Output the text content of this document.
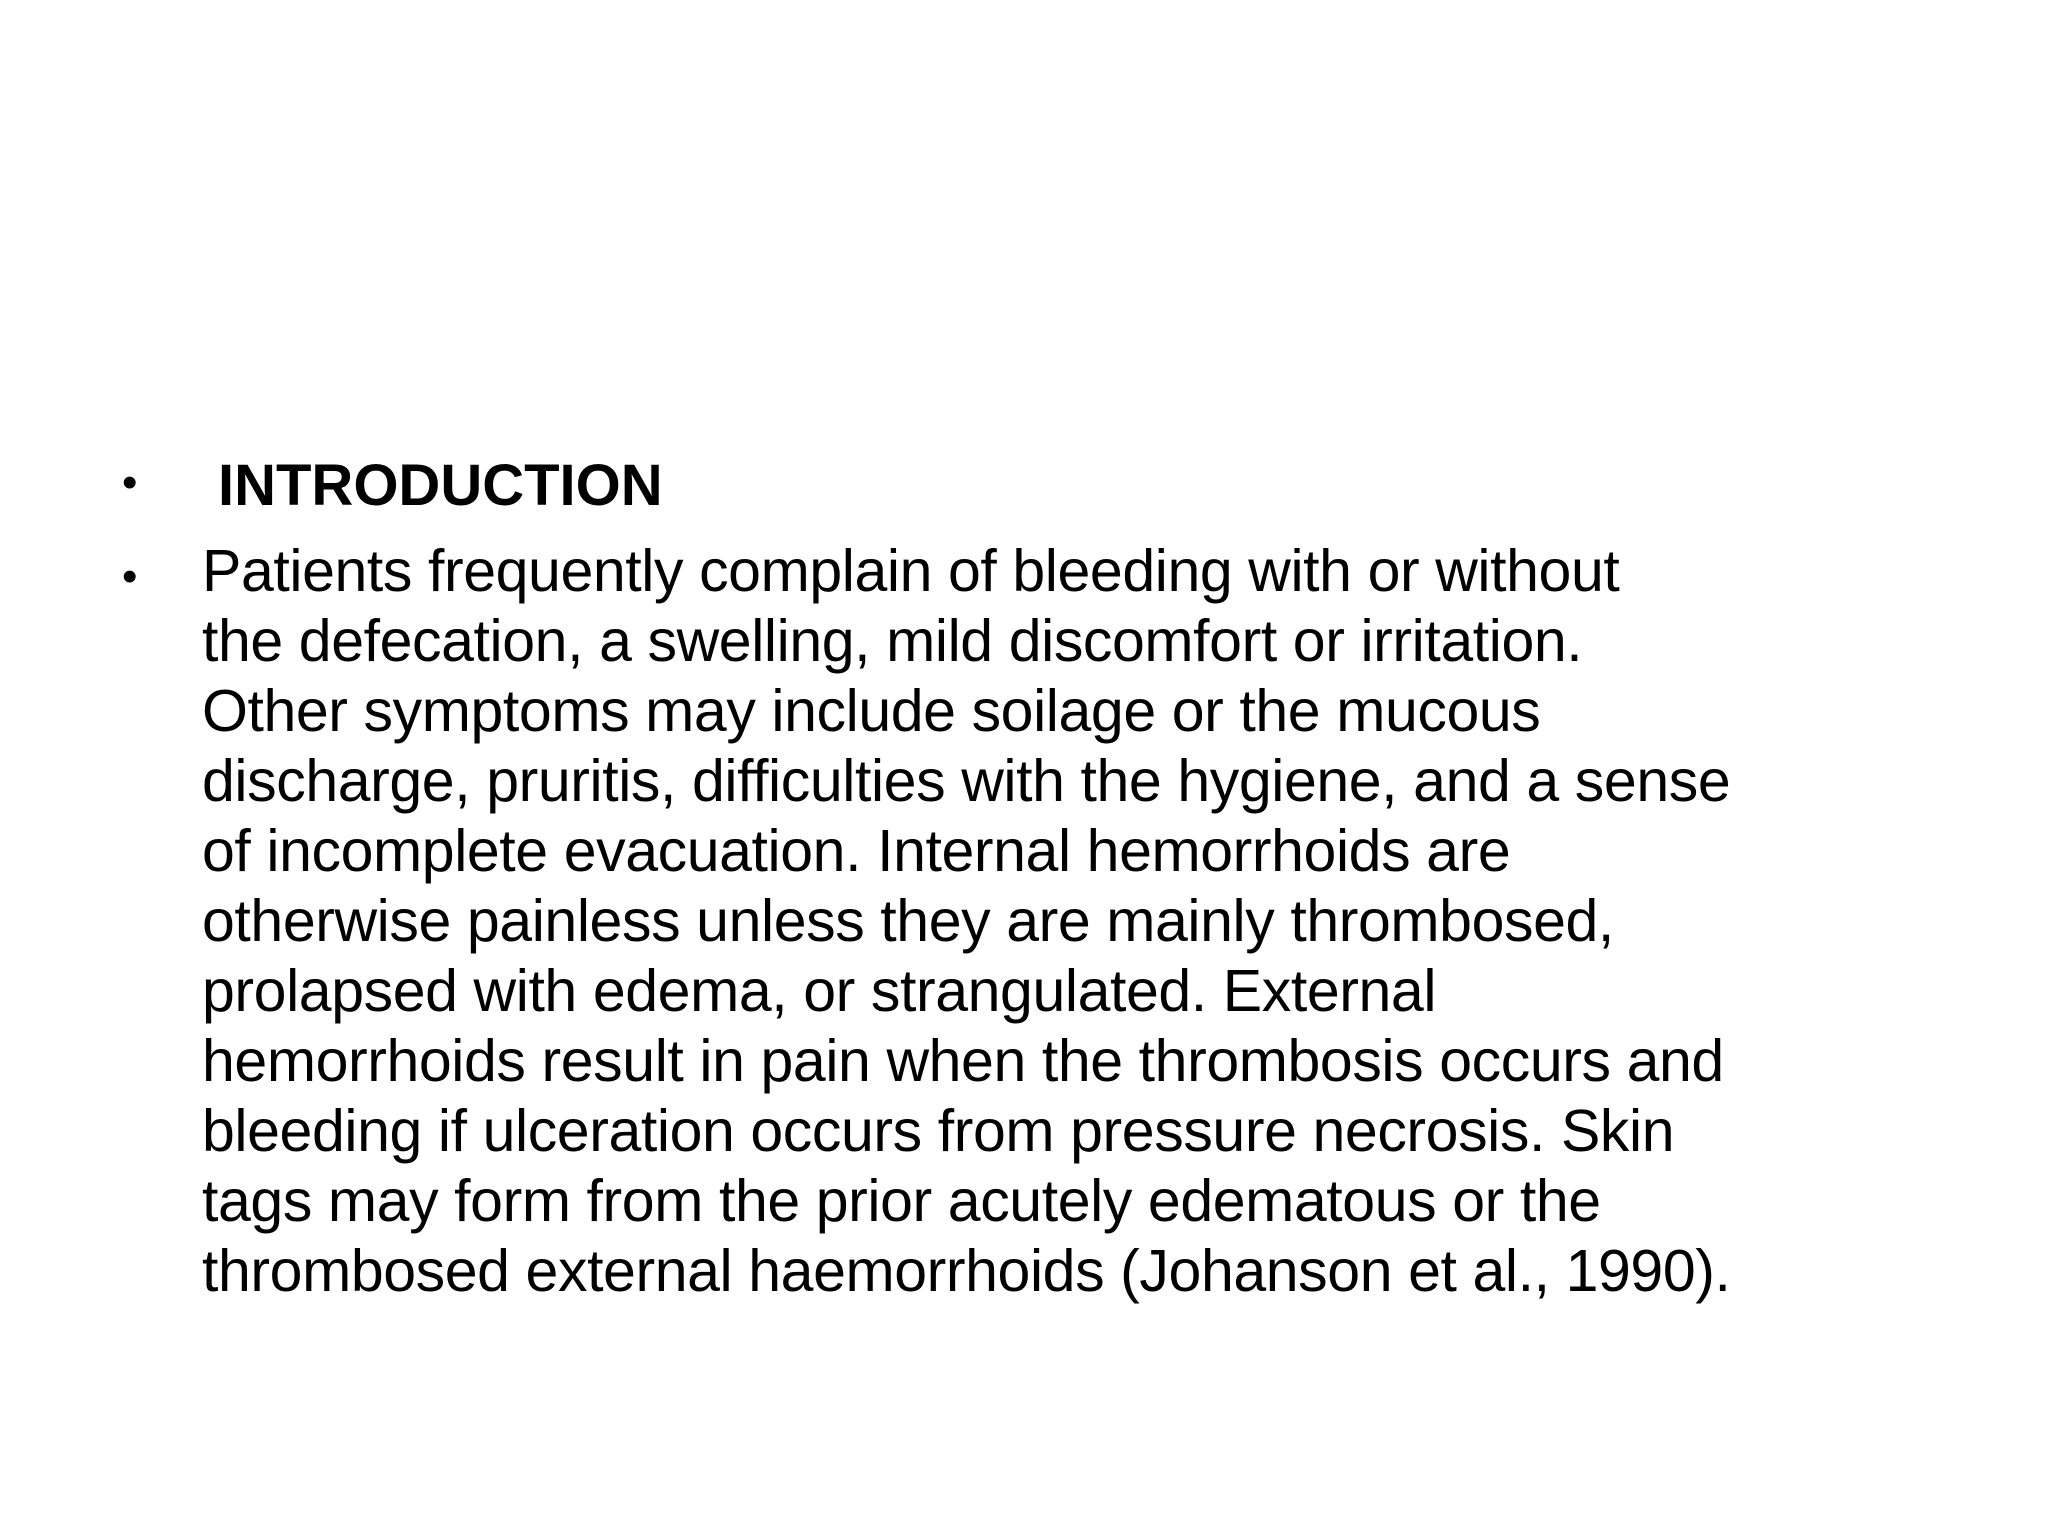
• INTRODUCTION
• Patients frequently complain of bleeding with or without
the defecation, a swelling, mild discomfort or irritation.
Other symptoms may include soilage or the mucous
discharge, pruritis, difficulties with the hygiene, and a sense
of incomplete evacuation. Internal hemorrhoids are
otherwise painless unless they are mainly thrombosed,
prolapsed with edema, or strangulated. External
hemorrhoids result in pain when the thrombosis occurs and
bleeding if ulceration occurs from pressure necrosis. Skin
tags may form from the prior acutely edematous or the
thrombosed external haemorrhoids (Johanson et al., 1990).
